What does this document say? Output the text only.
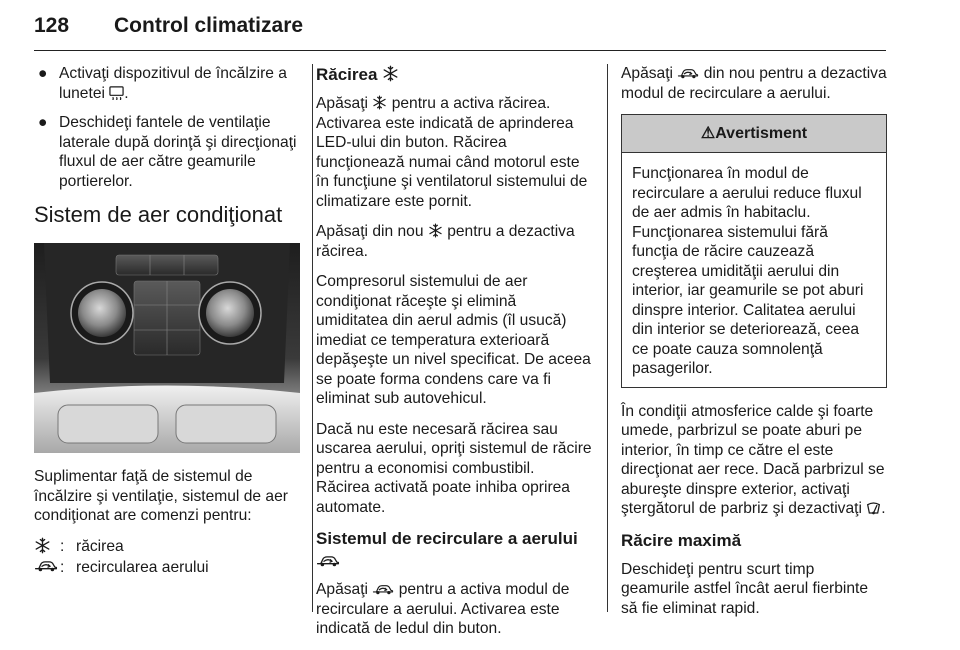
128 Control climatizare
● Activaţi dispozitivul de încălzire a lunetei .
● Deschideţi fantele de ventilaţie laterale după dorinţă şi direcţionaţi fluxul de aer către geamurile portierelor.
Sistem de aer condiţionat

Suplimentar faţă de sistemul de încălzire şi ventilaţie, sistemul de aer condiţionat are comenzi pentru:

: răcirea
: recircularea aerului
Răcirea

Apăsaţi pentru a activa răcirea. Activarea este indicată de aprinderea LED-ului din buton. Răcirea funcţionează numai când motorul este în funcţiune şi ventilatorul sistemului de climatizare este pornit.

Apăsaţi din nou pentru a dezactiva răcirea.

Compresorul sistemului de aer condiţionat răceşte şi elimină umiditatea din aerul admis (îl usucă) imediat ce temperatura exterioară depăşeşte un nivel specificat. De aceea se poate forma condens care va fi eliminat sub autovehicul.

Dacă nu este necesară răcirea sau uscarea aerului, opriţi sistemul de răcire pentru a economisi combustibil. Răcirea activată poate inhiba oprirea automate.

Sistemul de recirculare a aerului

Apăsaţi pentru a activa modul de recirculare a aerului. Activarea este indicată de ledul din buton.

Apăsaţi din nou pentru a dezactiva modul de recirculare a aerului.

⚠Avertisment
Funcţionarea în modul de recirculare a aerului reduce fluxul de aer admis în habitaclu. Funcţionarea sistemului fără funcţia de răcire cauzează creşterea umidităţii aerului din interior, iar geamurile se pot aburi dinspre interior. Calitatea aerului din interior se deteriorează, ceea ce poate cauza somnolenţă pasagerilor.

În condiţii atmosferice calde şi foarte umede, parbrizul se poate aburi pe interior, în timp ce către el este direcţionat aer rece. Dacă parbrizul se abureşte dinspre exterior, activaţi ştergătorul de parbriz şi dezactivaţi .

Răcire maximă

Deschideţi pentru scurt timp geamurile astfel încât aerul fierbinte să fie eliminat rapid.
